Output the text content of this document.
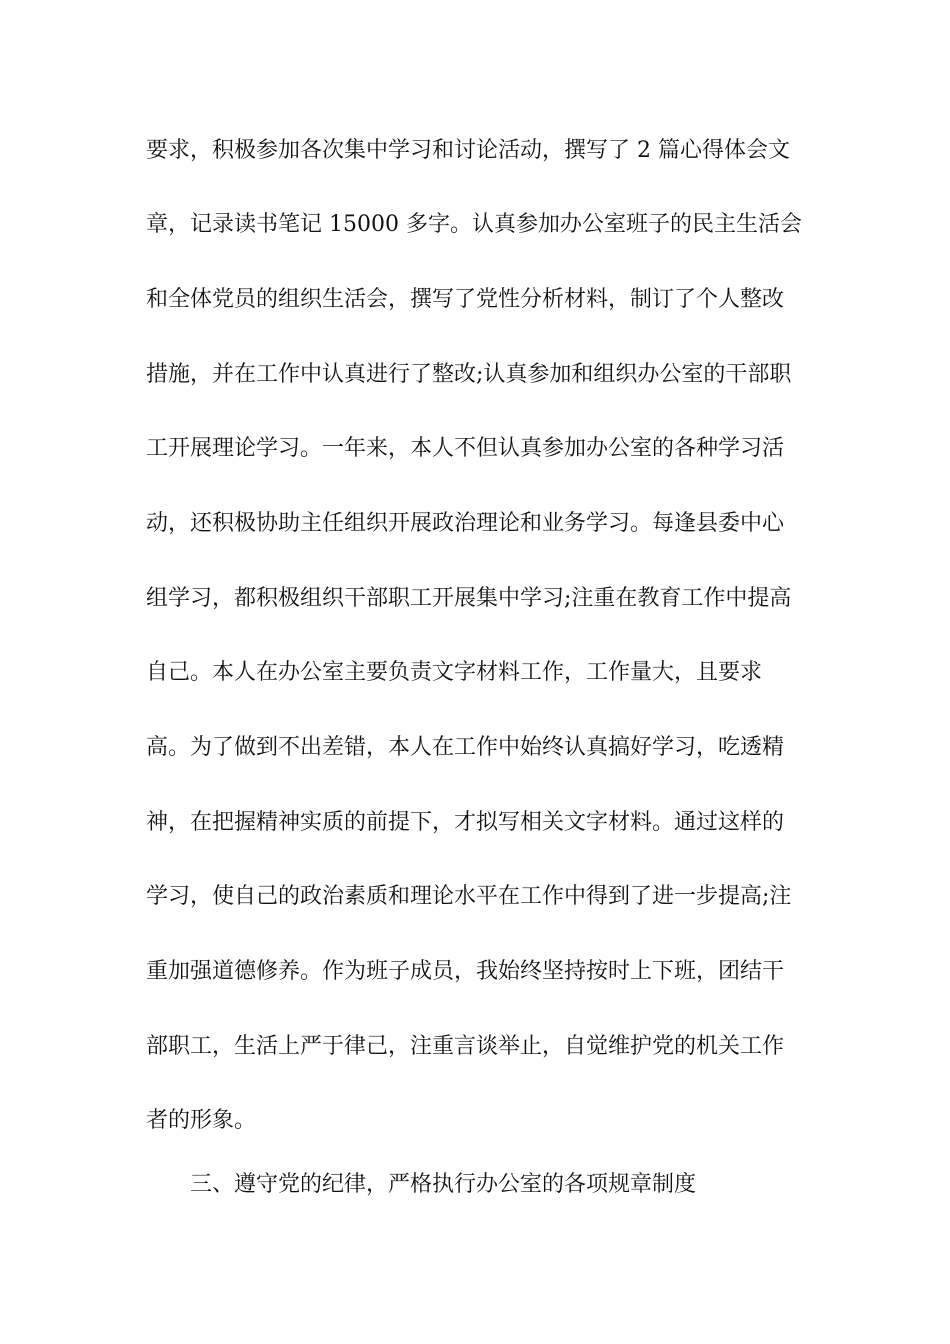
要求，积极参加各次集中学习和讨论活动，撰写了 2 篇心得体会文
章，记录读书笔记 15000 多字。认真参加办公室班子的民主生活会
和全体党员的组织生活会，撰写了党性分析材料，制订了个人整改
措施，并在工作中认真进行了整改;认真参加和组织办公室的干部职
工开展理论学习。一年来，本人不但认真参加办公室的各种学习活
动，还积极协助主任组织开展政治理论和业务学习。每逢县委中心
组学习，都积极组织干部职工开展集中学习;注重在教育工作中提高
自己。本人在办公室主要负责文字材料工作，工作量大，且要求
高。为了做到不出差错，本人在工作中始终认真搞好学习，吃透精
神，在把握精神实质的前提下，才拟写相关文字材料。通过这样的
学习，使自己的政治素质和理论水平在工作中得到了进一步提高;注
重加强道德修养。作为班子成员，我始终坚持按时上下班，团结干
部职工，生活上严于律己，注重言谈举止，自觉维护党的机关工作
者的形象。
三、遵守党的纪律，严格执行办公室的各项规章制度
